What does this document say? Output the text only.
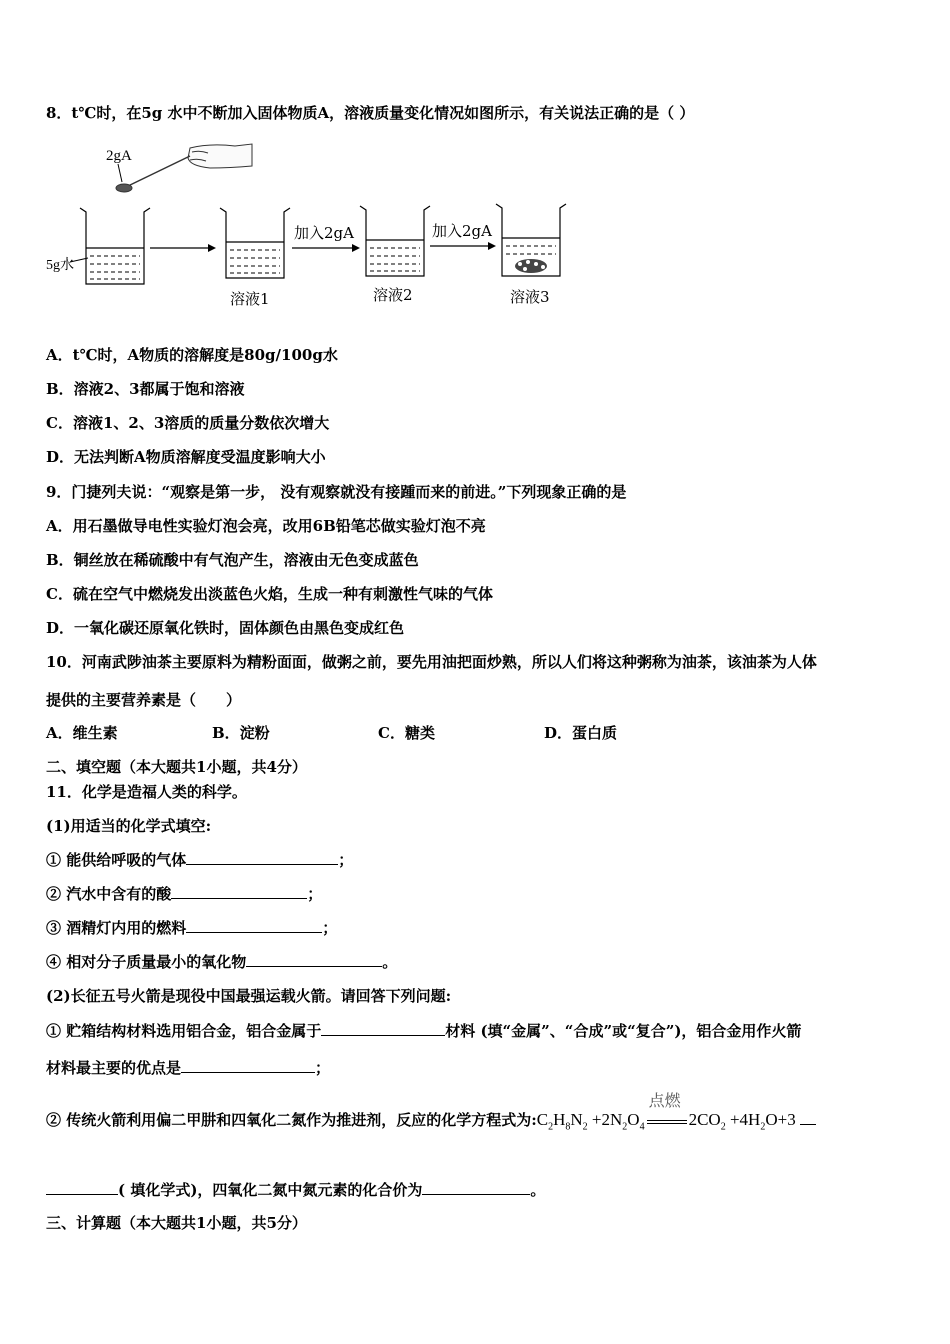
8．t℃时，在5g 水中不断加入固体物质A，溶液质量变化情况如图所示，有关说法正确的是（ ）
2gA
5g水
溶液1
加入2gA
溶液2
加入2gA
溶液3
A．t℃时，A物质的溶解度是80g/100g水
B．溶液2、3都属于饱和溶液
C．溶液1、2、3溶质的质量分数依次增大
D．无法判断A物质溶解度受温度影响大小
9．门捷列夫说：“观察是第一步， 没有观察就没有接踵而来的前进。”下列现象正确的是
A．用石墨做导电性实验灯泡会亮，改用6B铅笔芯做实验灯泡不亮
B．铜丝放在稀硫酸中有气泡产生，溶液由无色变成蓝色
C．硫在空气中燃烧发出淡蓝色火焰，生成一种有刺激性气味的气体
D．一氧化碳还原氧化铁时，固体颜色由黑色变成红色
10．河南武陟油茶主要原料为精粉面面，做粥之前，要先用油把面炒熟，所以人们将这种粥称为油茶，该油茶为人体
提供的主要营养素是（　　）
A．维生素	B．淀粉	C．糖类	D．蛋白质
二、填空题（本大题共1小题，共4分）
11．化学是造福人类的科学。
(1)用适当的化学式填空:
① 能供给呼吸的气体	；
② 汽水中含有的酸	；
③ 酒精灯内用的燃料	；
④ 相对分子质量最小的氧化物	。
(2)长征五号火箭是现役中国最强运载火箭。请回答下列问题:
① 贮箱结构材料选用铝合金，铝合金属于	材料 (填“金属”、“合成”或“复合”)，铝合金用作火箭
材料最主要的优点是	；
② 传统火箭利用偏二甲肼和四氧化二氮作为推进剂，反应的化学方程式为$:C_2H_8N_2 +2N_2O_4$
点燃
$2CO_2 +4H_2O+3$
( 填化学式)，四氧化二氮中氮元素的化合价为	。
三、计算题（本大题共1小题，共5分）
